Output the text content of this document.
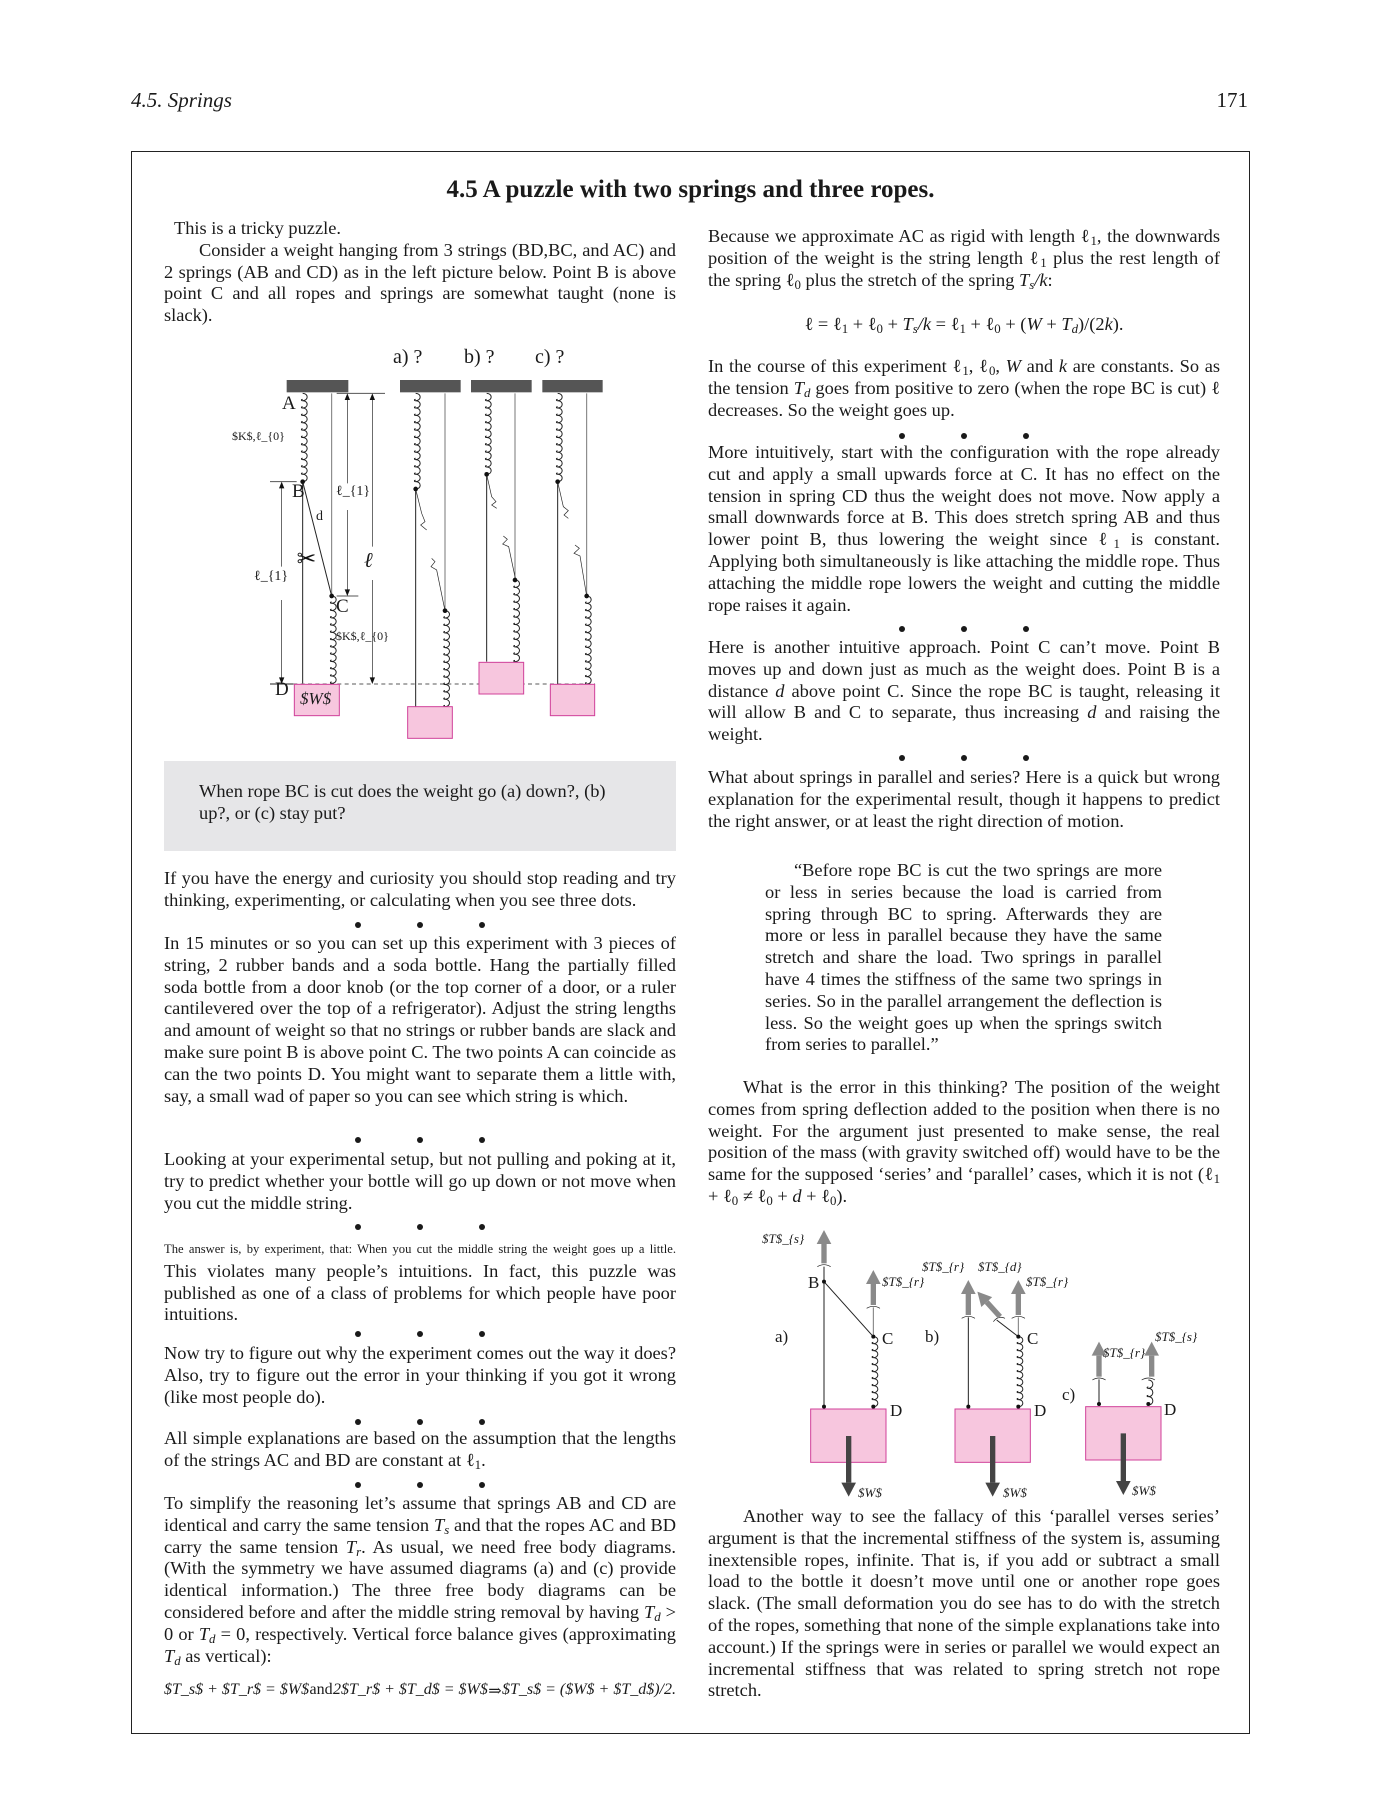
4.5. Springs	171
4.5 A puzzle with two springs and three ropes.

This is a tricky puzzle.

Consider a weight hanging from 3 strings (BD,BC, and AC) and 2 springs (AB and CD) as in the left picture below. Point B is above point C and all ropes and springs are somewhat taught (none is slack).

✂
a) ? b) ? c) ?
A
$K$,ℓ_{0}
B
d
ℓ_{1}
ℓ
ℓ_{1}
C
$K$,ℓ_{0}
D $W$

When rope BC is cut does the weight go (a) down?, (b) up?, or (c) stay put?

If you have the energy and curiosity you should stop reading and try thinking, experimenting, or calculating when you see three dots.

In 15 minutes or so you can set up this experiment with 3 pieces of string, 2 rubber bands and a soda bottle. Hang the partially filled soda bottle from a door knob (or the top corner of a door, or a ruler cantilevered over the top of a refrigerator). Adjust the string lengths and amount of weight so that no strings or rubber bands are slack and make sure point B is above point C. The two points A can coincide as can the two points D. You might want to separate them a little with, say, a small wad of paper so you can see which string is which.

Looking at your experimental setup, but not pulling and poking at it, try to predict whether your bottle will go up down or not move when you cut the middle string.

The answer is, by experiment, that: When you cut the middle string the weight goes up a little. This violates many people’s intuitions. In fact, this puzzle was published as one of a class of problems for which people have poor intuitions.

Now try to figure out why the experiment comes out the way it does? Also, try to figure out the error in your thinking if you got it wrong (like most people do).

All simple explanations are based on the assumption that the lengths of the strings AC and BD are constant at ℓ$_1$.

To simplify the reasoning let’s assume that springs AB and CD are identical and carry the same tension $T_s$ and that the ropes AC and BD carry the same tension $T_r$. As usual, we need free body diagrams. (With the symmetry we have assumed diagrams (a) and (c) provide identical information.) The three free body diagrams can be considered before and after the middle string removal by having $T_d > 0$ or $T_d = 0$, respectively. Vertical force balance gives (approximating $T_d$ as vertical):

$T_s$ + $T_r$ = $W$ and 2$T_r$ + $T_d$ = $W$ ⇒ $T_s$ = ($W$ + $T_d$)/2.

Because we approximate AC as rigid with length ℓ$_1$, the downwards position of the weight is the string length ℓ$_1$ plus the rest length of the spring ℓ$_0$ plus the stretch of the spring $T_s/k$:

ℓ = ℓ$_1$ + ℓ$_0$ + $T_s/k$ = ℓ$_1$ + ℓ$_0$ + $(W + T_d)/(2k)$.

In the course of this experiment ℓ$_1$, ℓ$_0$, W and k are constants. So as the tension $T_d$ goes from positive to zero (when the rope BC is cut) ℓ decreases. So the weight goes up.

More intuitively, start with the configuration with the rope already cut and apply a small upwards force at C. It has no effect on the tension in spring CD thus the weight does not move. Now apply a small downwards force at B. This does stretch spring AB and thus lower point B, thus lowering the weight since ℓ$_1$ is constant. Applying both simultaneously is like attaching the middle rope. Thus attaching the middle rope lowers the weight and cutting the middle rope raises it again.

Here is another intuitive approach. Point C can’t move. Point B moves up and down just as much as the weight does. Point B is a distance d above point C. Since the rope BC is taught, releasing it will allow B and C to separate, thus increasing d and raising the weight.

What about springs in parallel and series? Here is a quick but wrong explanation for the experimental result, though it happens to predict the right answer, or at least the right direction of motion.

“Before rope BC is cut the two springs are more or less in series because the load is carried from spring through BC to spring. Afterwards they are more or less in parallel because they have the same stretch and share the load. Two springs in parallel have 4 times the stiffness of the same two springs in series. So in the parallel arrangement the deflection is less. So the weight goes up when the springs switch from series to parallel.”

What is the error in this thinking? The position of the weight comes from spring deflection added to the position when there is no weight. For the argument just presented to make sense, the real position of the mass (with gravity switched off) would have to be the same for the supposed ‘series’ and ‘parallel’ cases, which it is not (ℓ$_1$ + ℓ$_0$ ≠ ℓ$_0$ + d + ℓ$_0$).

$T$_{s}
B	$T$_{r}
a)	C
D
$W$
$T$_{r} $T$_{d}
$T$_{r}
b)	C
D
$W$
$T$_{r}
$T$_{s}
c)
D
$W$

Another way to see the fallacy of this ‘parallel verses series’ argument is that the incremental stiffness of the system is, assuming inextensible ropes, infinite. That is, if you add or subtract a small load to the bottle it doesn’t move until one or another rope goes slack. (The small deformation you do see has to do with the stretch of the ropes, something that none of the simple explanations take into account.) If the springs were in series or parallel we would expect an incremental stiffness that was related to spring stretch not rope stretch.
